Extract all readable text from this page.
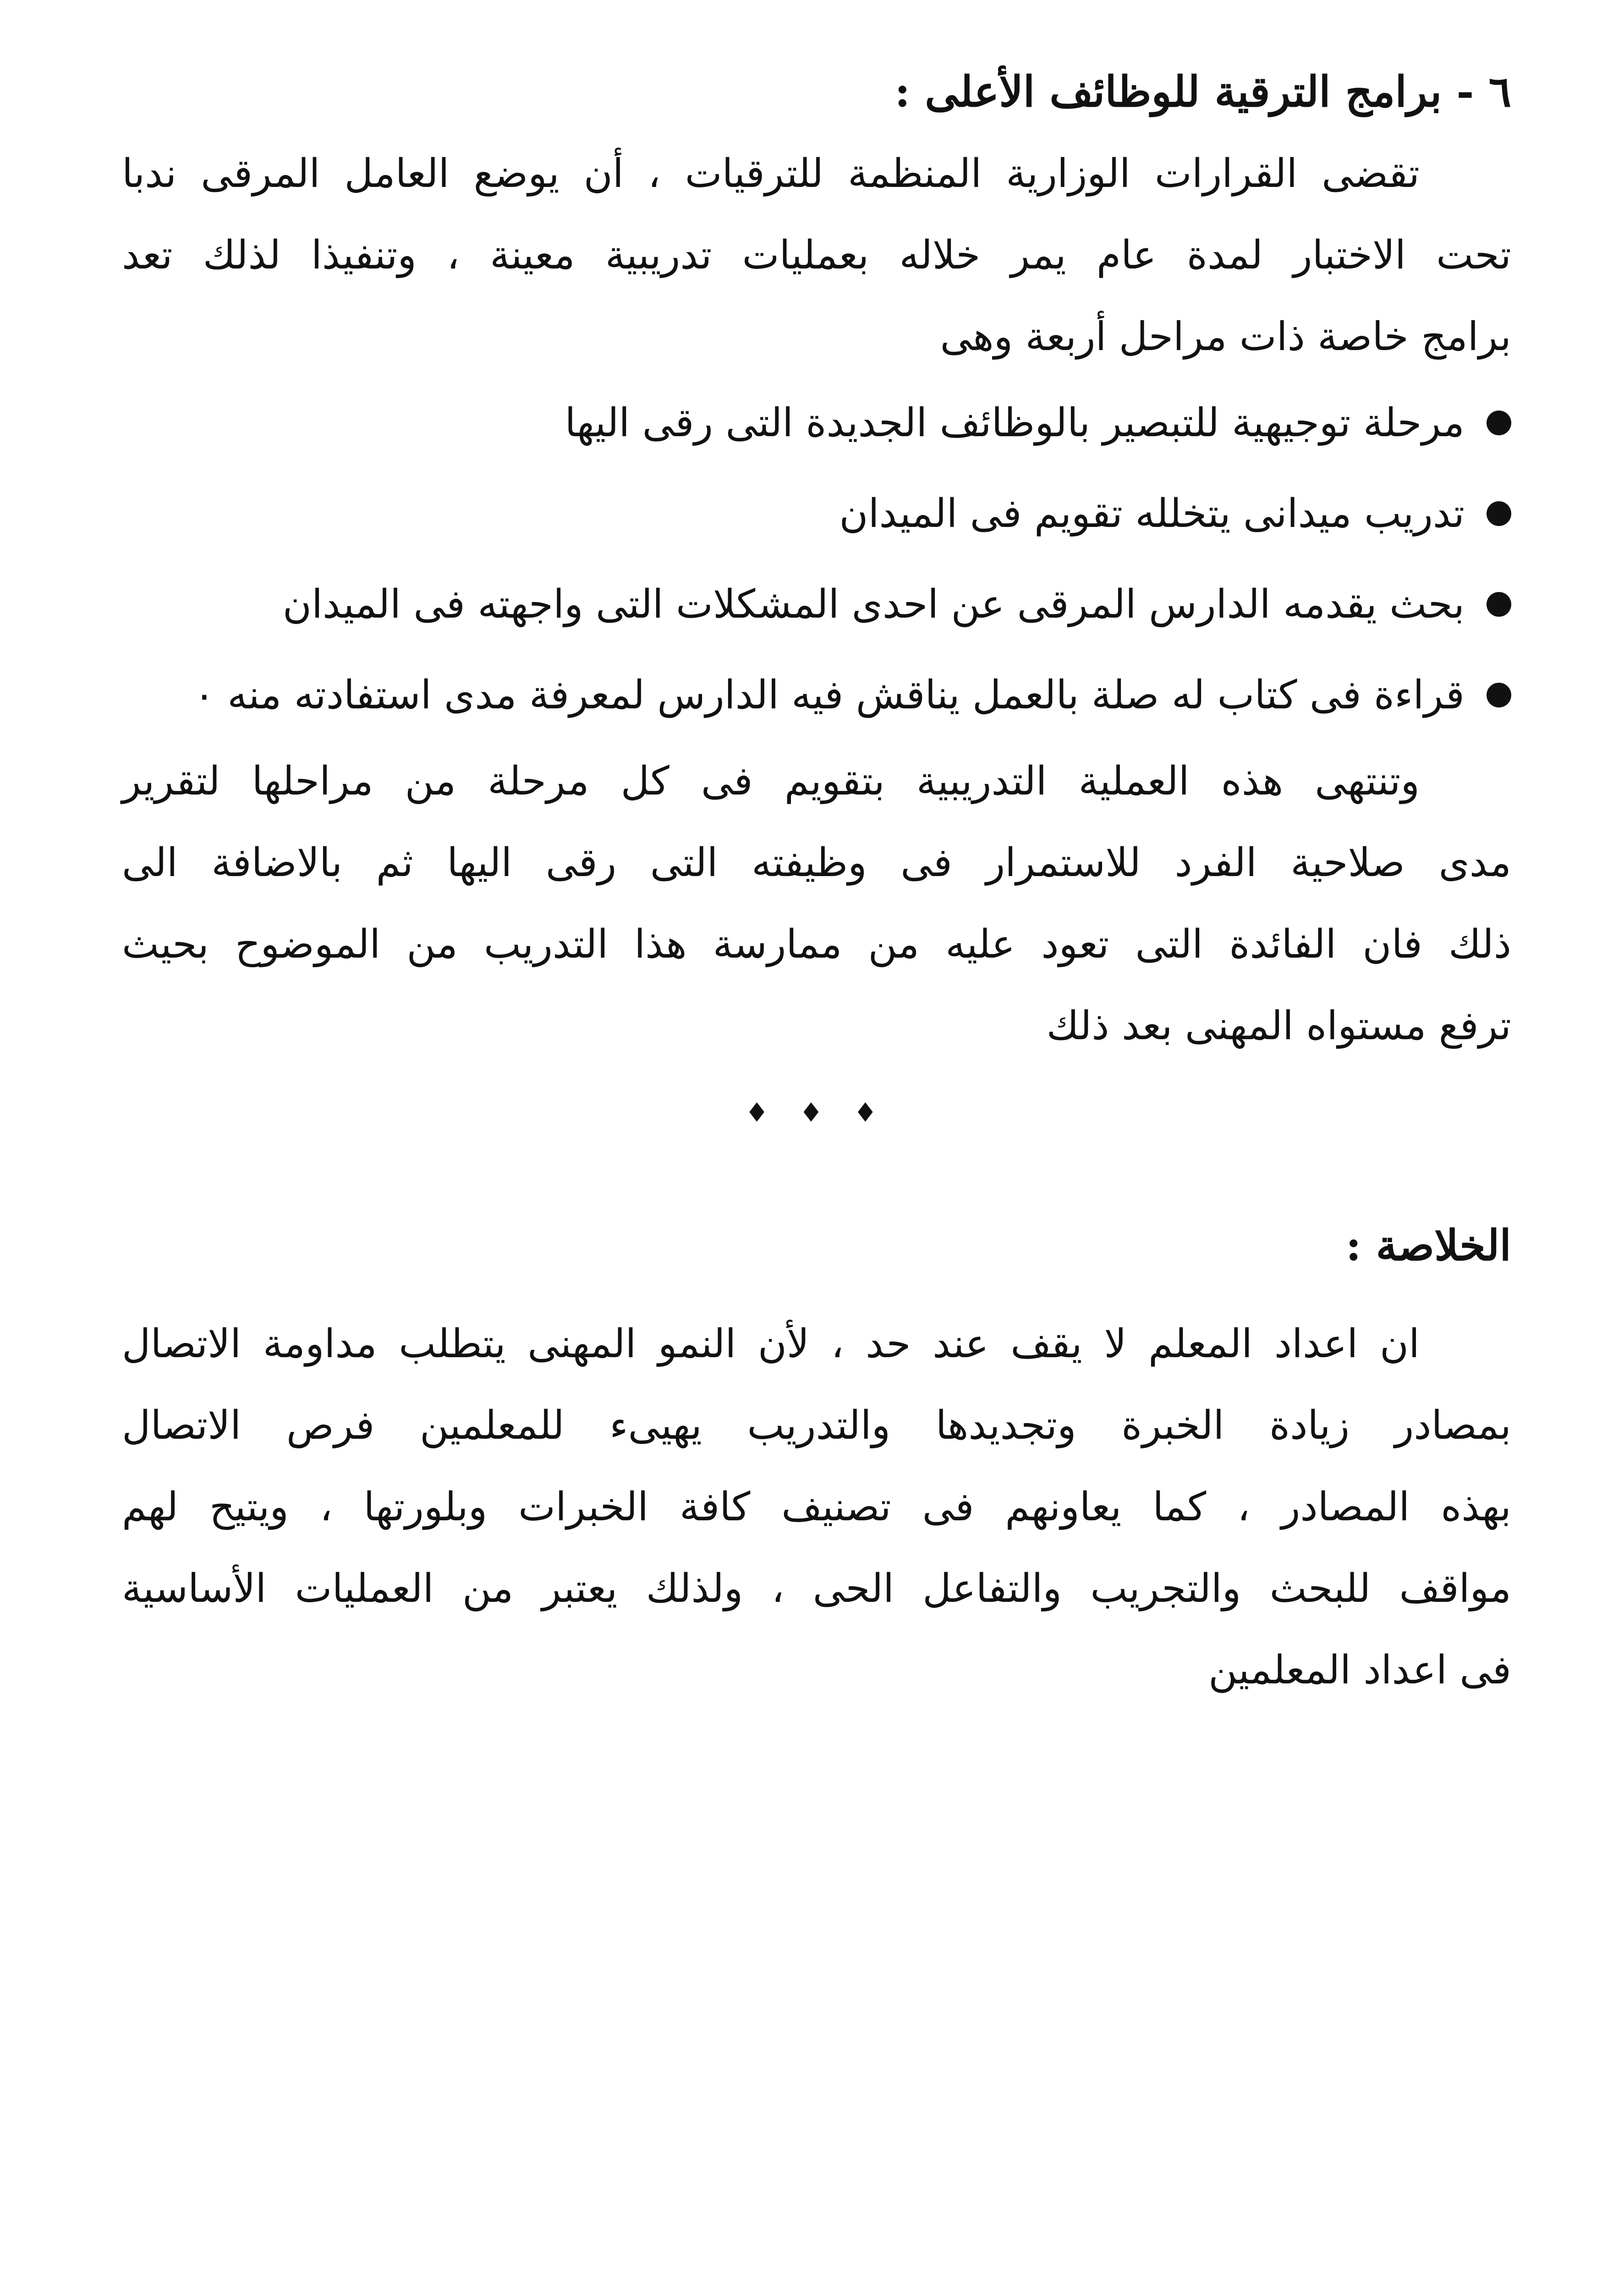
٦ - برامج الترقية للوظائف الأعلى :
تقضى القرارات الوزارية المنظمة للترقيات ، أن يوضع العامل المرقى ندبا
تحت الاختبار لمدة عام يمر خلاله بعمليات تدريبية معينة ، وتنفيذا لذلك تعد
برامج خاصة ذات مراحل أربعة وهى
مرحلة توجيهية للتبصير بالوظائف الجديدة التى رقى اليها
تدريب ميدانى يتخلله تقويم فى الميدان
بحث يقدمه الدارس المرقى عن احدى المشكلات التى واجهته فى الميدان
قراءة فى كتاب له صلة بالعمل يناقش فيه الدارس لمعرفة مدى استفادته منه ٠
وتنتهى هذه العملية التدريبية بتقويم فى كل مرحلة من مراحلها لتقرير
مدى صلاحية الفرد للاستمرار فى وظيفته التى رقى اليها ثم بالاضافة الى
ذلك فان الفائدة التى تعود عليه من ممارسة هذا التدريب من الموضوح بحيث
ترفع مستواه المهنى بعد ذلك
♦ ♦ ♦
الخلاصة :
ان اعداد المعلم لا يقف عند حد ، لأن النمو المهنى يتطلب مداومة الاتصال
بمصادر زيادة الخبرة وتجديدها والتدريب يهيىء للمعلمين فرص الاتصال
بهذه المصادر ، كما يعاونهم فى تصنيف كافة الخبرات وبلورتها ، ويتيح لهم
مواقف للبحث والتجريب والتفاعل الحى ، ولذلك يعتبر من العمليات الأساسية
فى اعداد المعلمين
